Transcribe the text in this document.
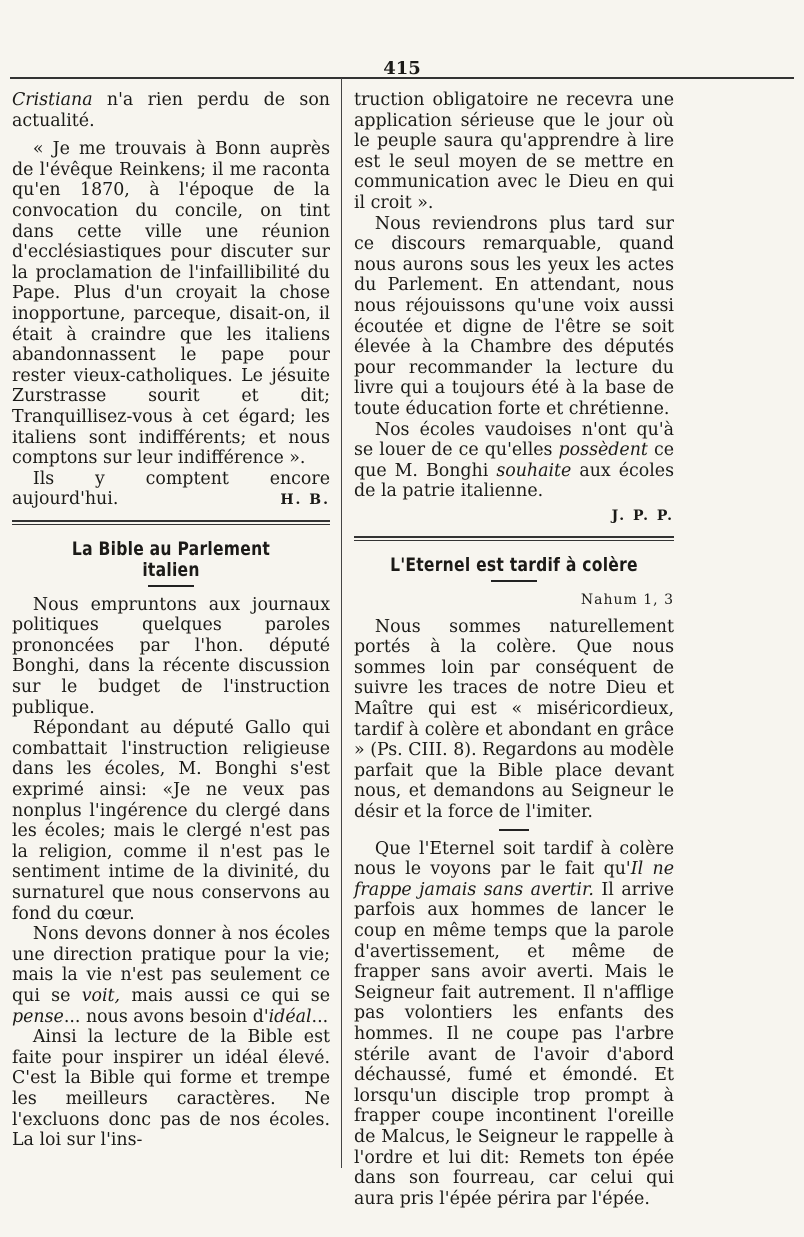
415

Cristiana n'a rien perdu de son actualité.

« Je me trouvais à Bonn auprès de l'évêque Reinkens; il me raconta qu'en 1870, à l'époque de la convocation du concile, on tint dans cette ville une réunion d'ecclésiastiques pour discuter sur la proclamation de l'infaillibilité du Pape. Plus d'un croyait la chose inopportune, parceque, disait-on, il était à craindre que les italiens abandonnassent le pape pour rester vieux-catholiques. Le jésuite Zurstrasse sourit et dit; Tranquillisez-vous à cet égard; les italiens sont indifférents; et nous comptons sur leur indifférence ».

Ils y comptent encore aujourd'hui.	H. B.
La Bible au Parlement italien

Nous empruntons aux journaux politiques quelques paroles prononcées par l'hon. député Bonghi, dans la récente discussion sur le budget de l'instruction publique.

Répondant au député Gallo qui combattait l'instruction religieuse dans les écoles, M. Bonghi s'est exprimé ainsi: «Je ne veux pas nonplus l'ingérence du clergé dans les écoles; mais le clergé n'est pas la religion, comme il n'est pas le sentiment intime de la divinité, du surnaturel que nous conservons au fond du cœur.

Nons devons donner à nos écoles une direction pratique pour la vie; mais la vie n'est pas seulement ce qui se voit, mais aussi ce qui se pense... nous avons besoin d'idéal...

Ainsi la lecture de la Bible est faite pour inspirer un idéal élevé. C'est la Bible qui forme et trempe les meilleurs caractères. Ne l'excluons donc pas de nos écoles. La loi sur l'ins-

truction obligatoire ne recevra une application sérieuse que le jour où le peuple saura qu'apprendre à lire est le seul moyen de se mettre en communication avec le Dieu en qui il croit ».

Nous reviendrons plus tard sur ce discours remarquable, quand nous aurons sous les yeux les actes du Parlement. En attendant, nous nous réjouissons qu'une voix aussi écoutée et digne de l'être se soit élevée à la Chambre des députés pour recommander la lecture du livre qui a toujours été à la base de toute éducation forte et chrétienne.

Nos écoles vaudoises n'ont qu'à se louer de ce qu'elles possèdent ce que M. Bonghi souhaite aux écoles de la patrie italienne.

J. P. P.
L'Eternel est tardif à colère
Nahum 1, 3

Nous sommes naturellement portés à la colère. Que nous sommes loin par conséquent de suivre les traces de notre Dieu et Maître qui est « miséricordieux, tardif à colère et abondant en grâce » (Ps. CIII. 8). Regardons au modèle parfait que la Bible place devant nous, et demandons au Seigneur le désir et la force de l'imiter.

Que l'Eternel soit tardif à colère nous le voyons par le fait qu'Il ne frappe jamais sans avertir. Il arrive parfois aux hommes de lancer le coup en même temps que la parole d'avertissement, et même de frapper sans avoir averti. Mais le Seigneur fait autrement. Il n'afflige pas volontiers les enfants des hommes. Il ne coupe pas l'arbre stérile avant de l'avoir d'abord déchaussé, fumé et émondé. Et lorsqu'un disciple trop prompt à frapper coupe incontinent l'oreille de Malcus, le Seigneur le rappelle à l'ordre et lui dit: Remets ton épée dans son fourreau, car celui qui aura pris l'épée périra par l'épée.
